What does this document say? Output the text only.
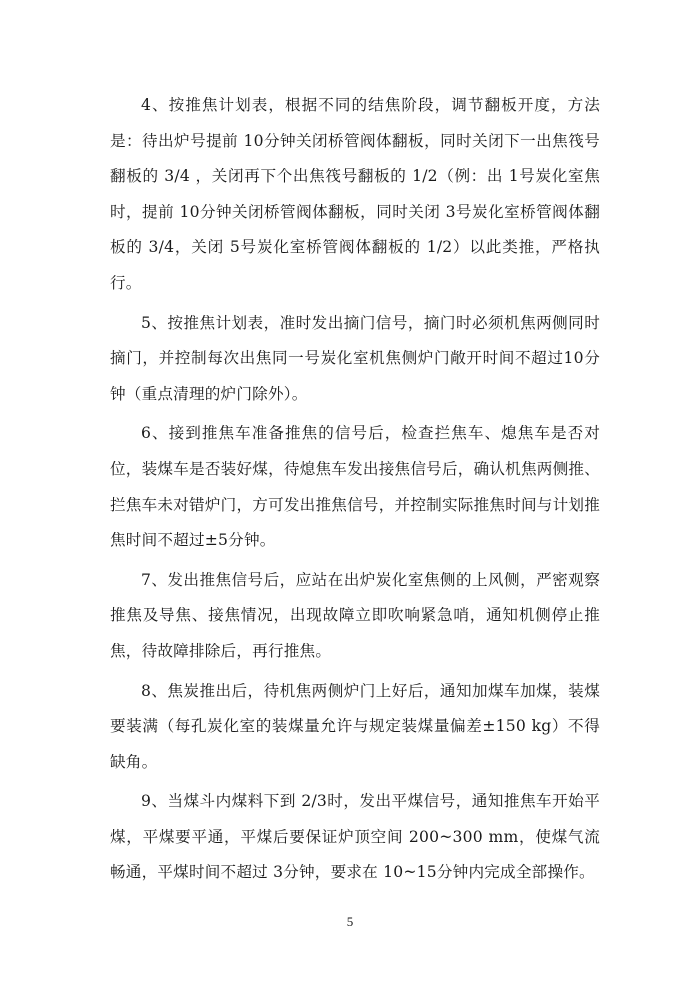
4、按推焦计划表，根据不同的结焦阶段，调节翻板开度，方法是：待出炉号提前 10分钟关闭桥管阀体翻板，同时关闭下一出焦筏号翻板的 3/4 ，关闭再下个出焦筏号翻板的 1/2（例：出 1号炭化室焦时，提前 10分钟关闭桥管阀体翻板，同时关闭 3号炭化室桥管阀体翻板的 3/4，关闭 5号炭化室桥管阀体翻板的 1/2）以此类推，严格执行。

5、按推焦计划表，准时发出摘门信号，摘门时必须机焦两侧同时摘门，并控制每次出焦同一号炭化室机焦侧炉门敞开时间不超过10分钟（重点清理的炉门除外）。

6、接到推焦车准备推焦的信号后，检查拦焦车、熄焦车是否对位，装煤车是否装好煤，待熄焦车发出接焦信号后，确认机焦两侧推、拦焦车未对错炉门，方可发出推焦信号，并控制实际推焦时间与计划推焦时间不超过±5分钟。

7、发出推焦信号后，应站在出炉炭化室焦侧的上风侧，严密观察推焦及导焦、接焦情况，出现故障立即吹响紧急哨，通知机侧停止推焦，待故障排除后，再行推焦。

8、焦炭推出后，待机焦两侧炉门上好后，通知加煤车加煤，装煤要装满（每孔炭化室的装煤量允许与规定装煤量偏差±150 kg）不得缺角。

9、当煤斗内煤料下到 2/3时，发出平煤信号，通知推焦车开始平煤，平煤要平通，平煤后要保证炉顶空间 200~300 mm，使煤气流畅通，平煤时间不超过 3分钟，要求在 10~15分钟内完成全部操作。

5
